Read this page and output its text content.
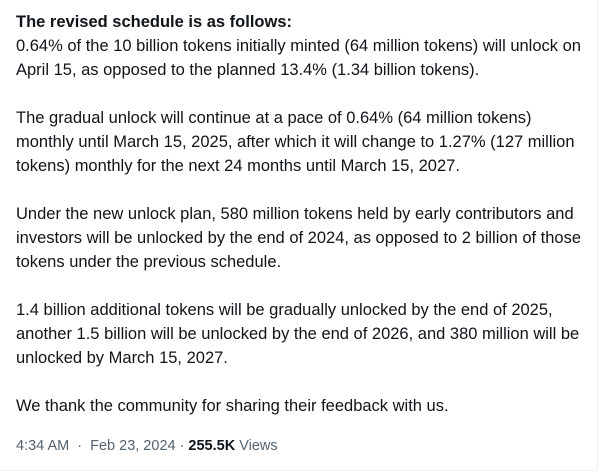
The revised schedule is as follows:

0.64% of the 10 billion tokens initially minted (64 million tokens) will unlock on April 15, as opposed to the planned 13.4% (1.34 billion tokens).

The gradual unlock will continue at a pace of 0.64% (64 million tokens) monthly until March 15, 2025, after which it will change to 1.27% (127 million tokens) monthly for the next 24 months until March 15, 2027.

Under the new unlock plan, 580 million tokens held by early contributors and investors will be unlocked by the end of 2024, as opposed to 2 billion of those tokens under the previous schedule.

1.4 billion additional tokens will be gradually unlocked by the end of 2025, another 1.5 billion will be unlocked by the end of 2026, and 380 million will be unlocked by March 15, 2027.

We thank the community for sharing their feedback with us.

4:34 AM · Feb 23, 2024 · 255.5K Views
